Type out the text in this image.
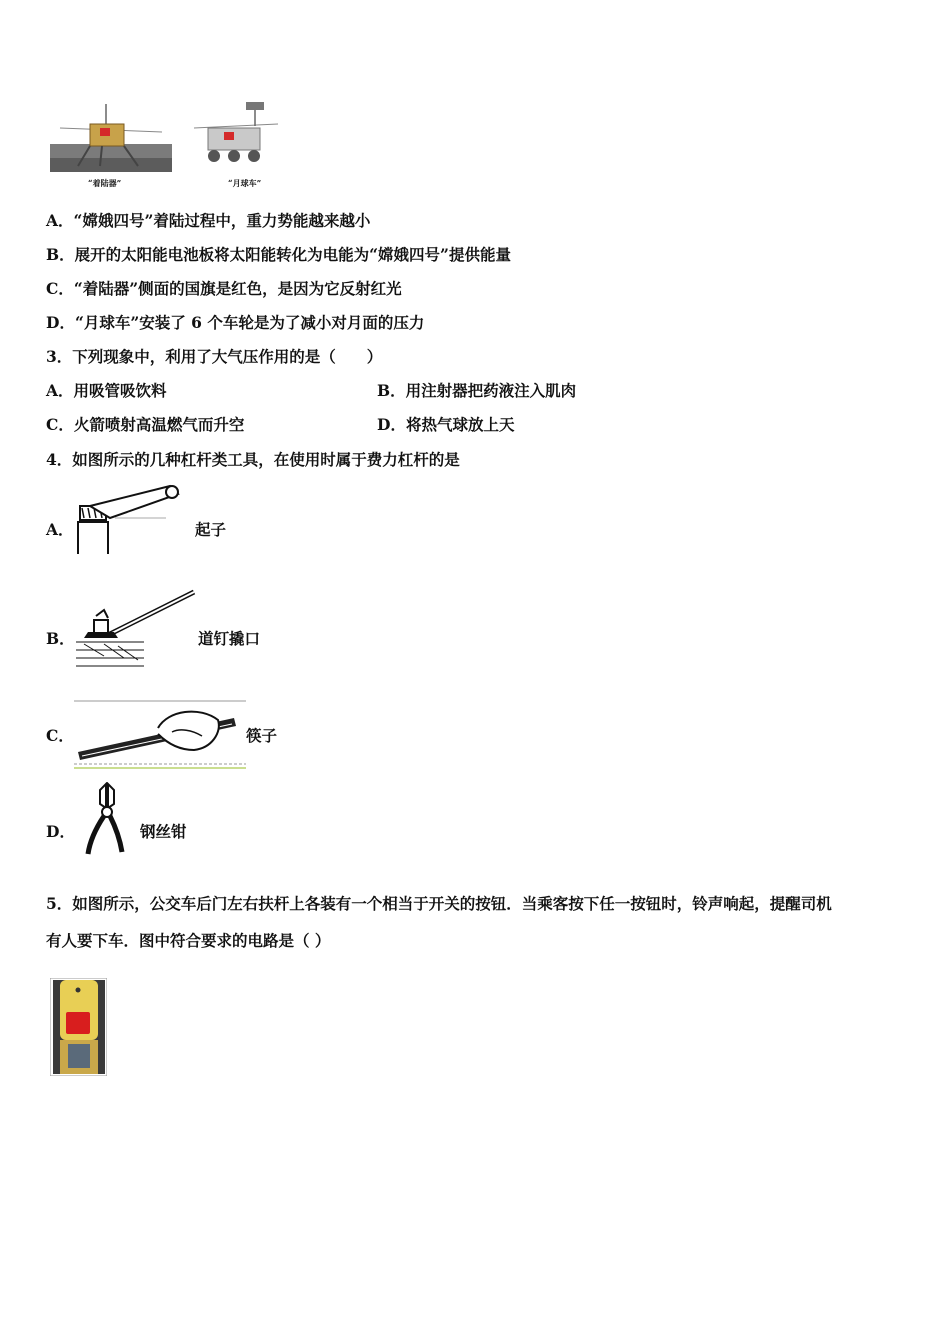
“着陆器”	“月球车”
A．“嫦娥四号”着陆过程中，重力势能越来越小
B．展开的太阳能电池板将太阳能转化为电能为“嫦娥四号”提供能量
C．“着陆器”侧面的国旗是红色，是因为它反射红光
D．“月球车”安装了 6 个车轮是为了减小对月面的压力
3．下列现象中，利用了大气压作用的是（　　）
A．用吸管吸饮料	B．用注射器把药液注入肌肉
C．火箭喷射高温燃气而升空	D．将热气球放上天
4．如图所示的几种杠杆类工具，在使用时属于费力杠杆的是
A．	起子
B．	道钉撬口
C．	筷子
D．	钢丝钳
5．如图所示，公交车后门左右扶杆上各装有一个相当于开关的按钮．当乘客按下任一按钮时，铃声响起，提醒司机
有人要下车．图中符合要求的电路是（ ）
